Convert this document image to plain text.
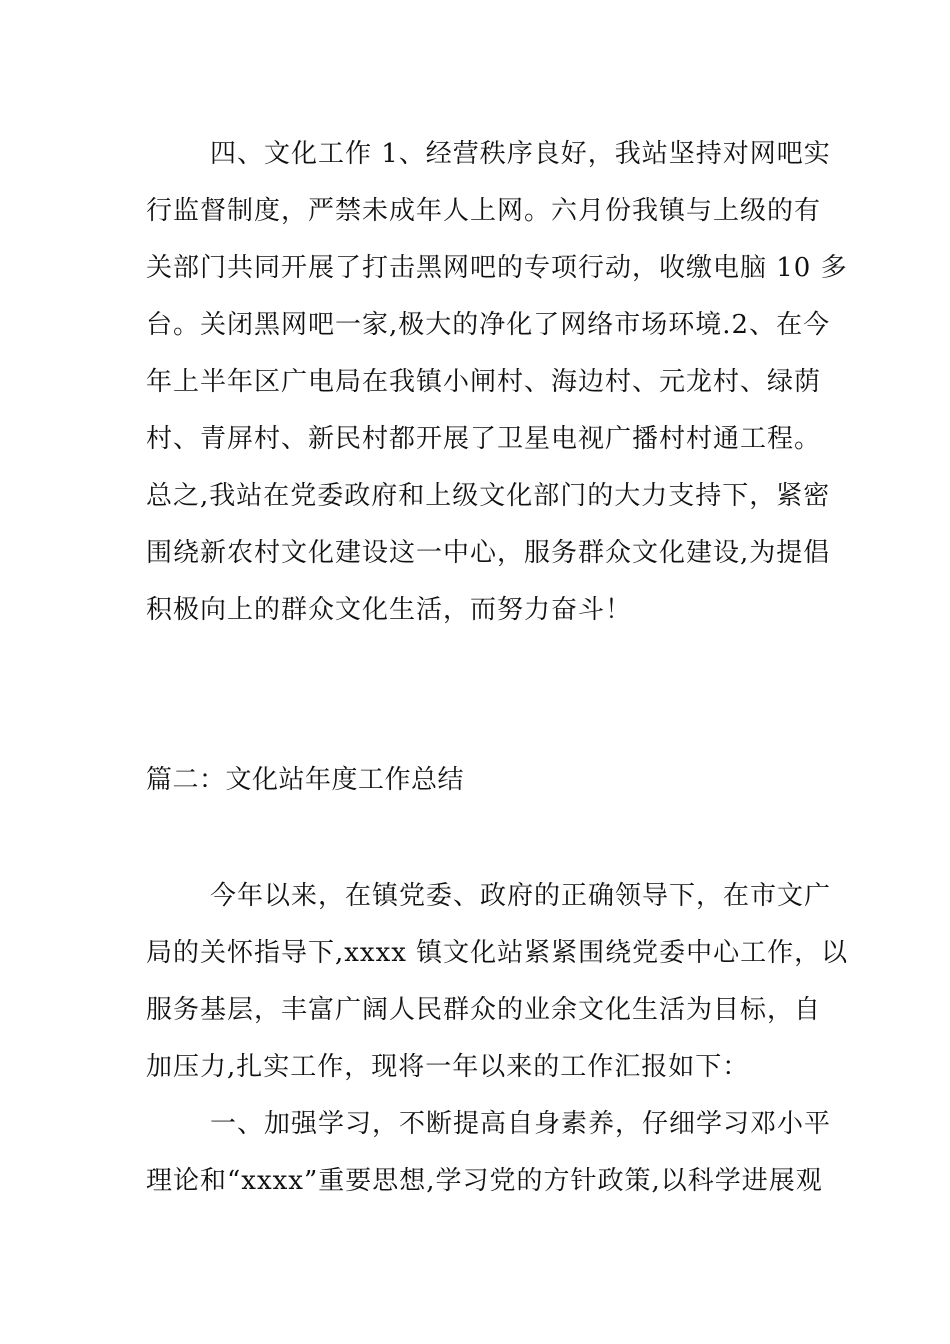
四、文化工作 1、经营秩序良好，我站坚持对网吧实
行监督制度，严禁未成年人上网。六月份我镇与上级的有
关部门共同开展了打击黑网吧的专项行动，收缴电脑 10 多
台。关闭黑网吧一家,极大的净化了网络市场环境.2、在今
年上半年区广电局在我镇小闸村、海边村、元龙村、绿荫
村、青屏村、新民村都开展了卫星电视广播村村通工程。
总之,我站在党委政府和上级文化部门的大力支持下，紧密
围绕新农村文化建设这一中心，服务群众文化建设,为提倡
积极向上的群众文化生活，而努力奋斗！
篇二：文化站年度工作总结
今年以来，在镇党委、政府的正确领导下，在市文广
局的关怀指导下,xxxx 镇文化站紧紧围绕党委中心工作，以
服务基层，丰富广阔人民群众的业余文化生活为目标，自
加压力,扎实工作，现将一年以来的工作汇报如下：
一、加强学习，不断提高自身素养，仔细学习邓小平
理论和“xxxx”重要思想,学习党的方针政策,以科学进展观
